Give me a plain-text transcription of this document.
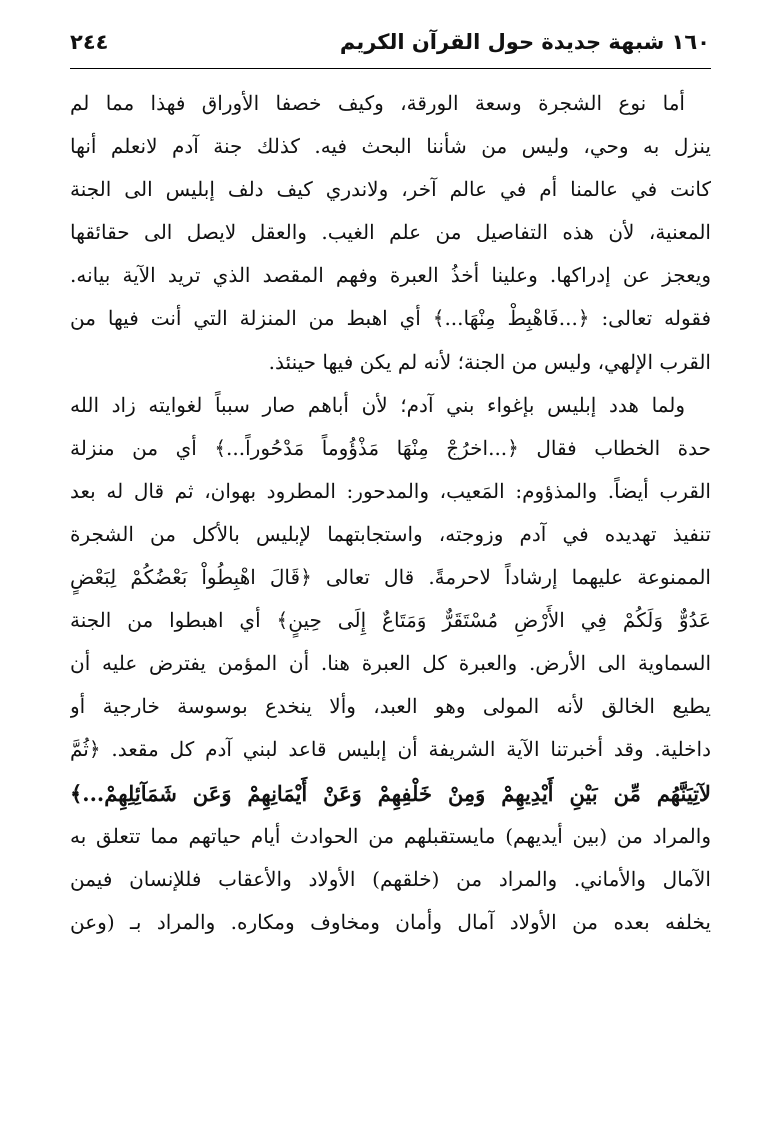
١٦٠ شبهة جديدة حول القرآن الكريم
٢٤٤

أما نوع الشجرة وسعة الورقة، وكيف خصفا الأوراق فهذا مما لم
ينزل به وحي، وليس من شأننا البحث فيه. كذلك جنة آدم لانعلم أنها
كانت في عالمنا أم في عالم آخر، ولاندري كيف دلف إبليس الى الجنة
المعنية، لأن هذه التفاصيل من علم الغيب. والعقل لايصل الى حقائقها
ويعجز عن إدراكها. وعلينا أخذُ العبرة وفهم المقصد الذي تريد الآية بيانه.
فقوله تعالى: ﴿...فَاهْبِطْ مِنْهَا...﴾ أي اهبط من المنزلة التي أنت فيها من
القرب الإلهي، وليس من الجنة؛ لأنه لم يكن فيها حينئذ.

ولما هدد إبليس بإغواء بني آدم؛ لأن أباهم صار سبباً لغوايته زاد الله
حدة الخطاب فقال ﴿...اخرُجْ مِنْهَا مَذْؤُوماً مَدْحُوراً...﴾ أي من منزلة
القرب أيضاً. والمذؤوم: المَعيب، والمدحور: المطرود بهوان، ثم قال له بعد
تنفيذ تهديده في آدم وزوجته، واستجابتهما لإبليس بالأكل من الشجرة
الممنوعة عليهما إرشاداً لاحرمةً. قال تعالى ﴿قَالَ اهْبِطُواْ بَعْضُكُمْ لِبَعْضٍ
عَدُوٌّ وَلَكُمْ فِي الأَرْضِ مُسْتَقَرٌّ وَمَتَاعٌ إِلَى حِينٍ﴾ أي اهبطوا من الجنة
السماوية الى الأرض. والعبرة كل العبرة هنا. أن المؤمن يفترض عليه أن
يطيع الخالق لأنه المولى وهو العبد، وألا ينخدع بوسوسة خارجية أو
داخلية. وقد أخبرتنا الآية الشريفة أن إبليس قاعد لبني آدم كل مقعد. ﴿ثُمَّ
لآتِيَنَّهُم مِّن بَيْنِ أَيْدِيهِمْ وَمِنْ خَلْفِهِمْ وَعَنْ أَيْمَانِهِمْ وَعَن شَمَآئِلِهِمْ...﴾
والمراد من (بين أيديهم) مايستقبلهم من الحوادث أيام حياتهم مما تتعلق به
الآمال والأماني. والمراد من (خلقهم) الأولاد والأعقاب فللإنسان فيمن
يخلفه بعده من الأولاد آمال وأمان ومخاوف ومكاره. والمراد بـ (وعن
